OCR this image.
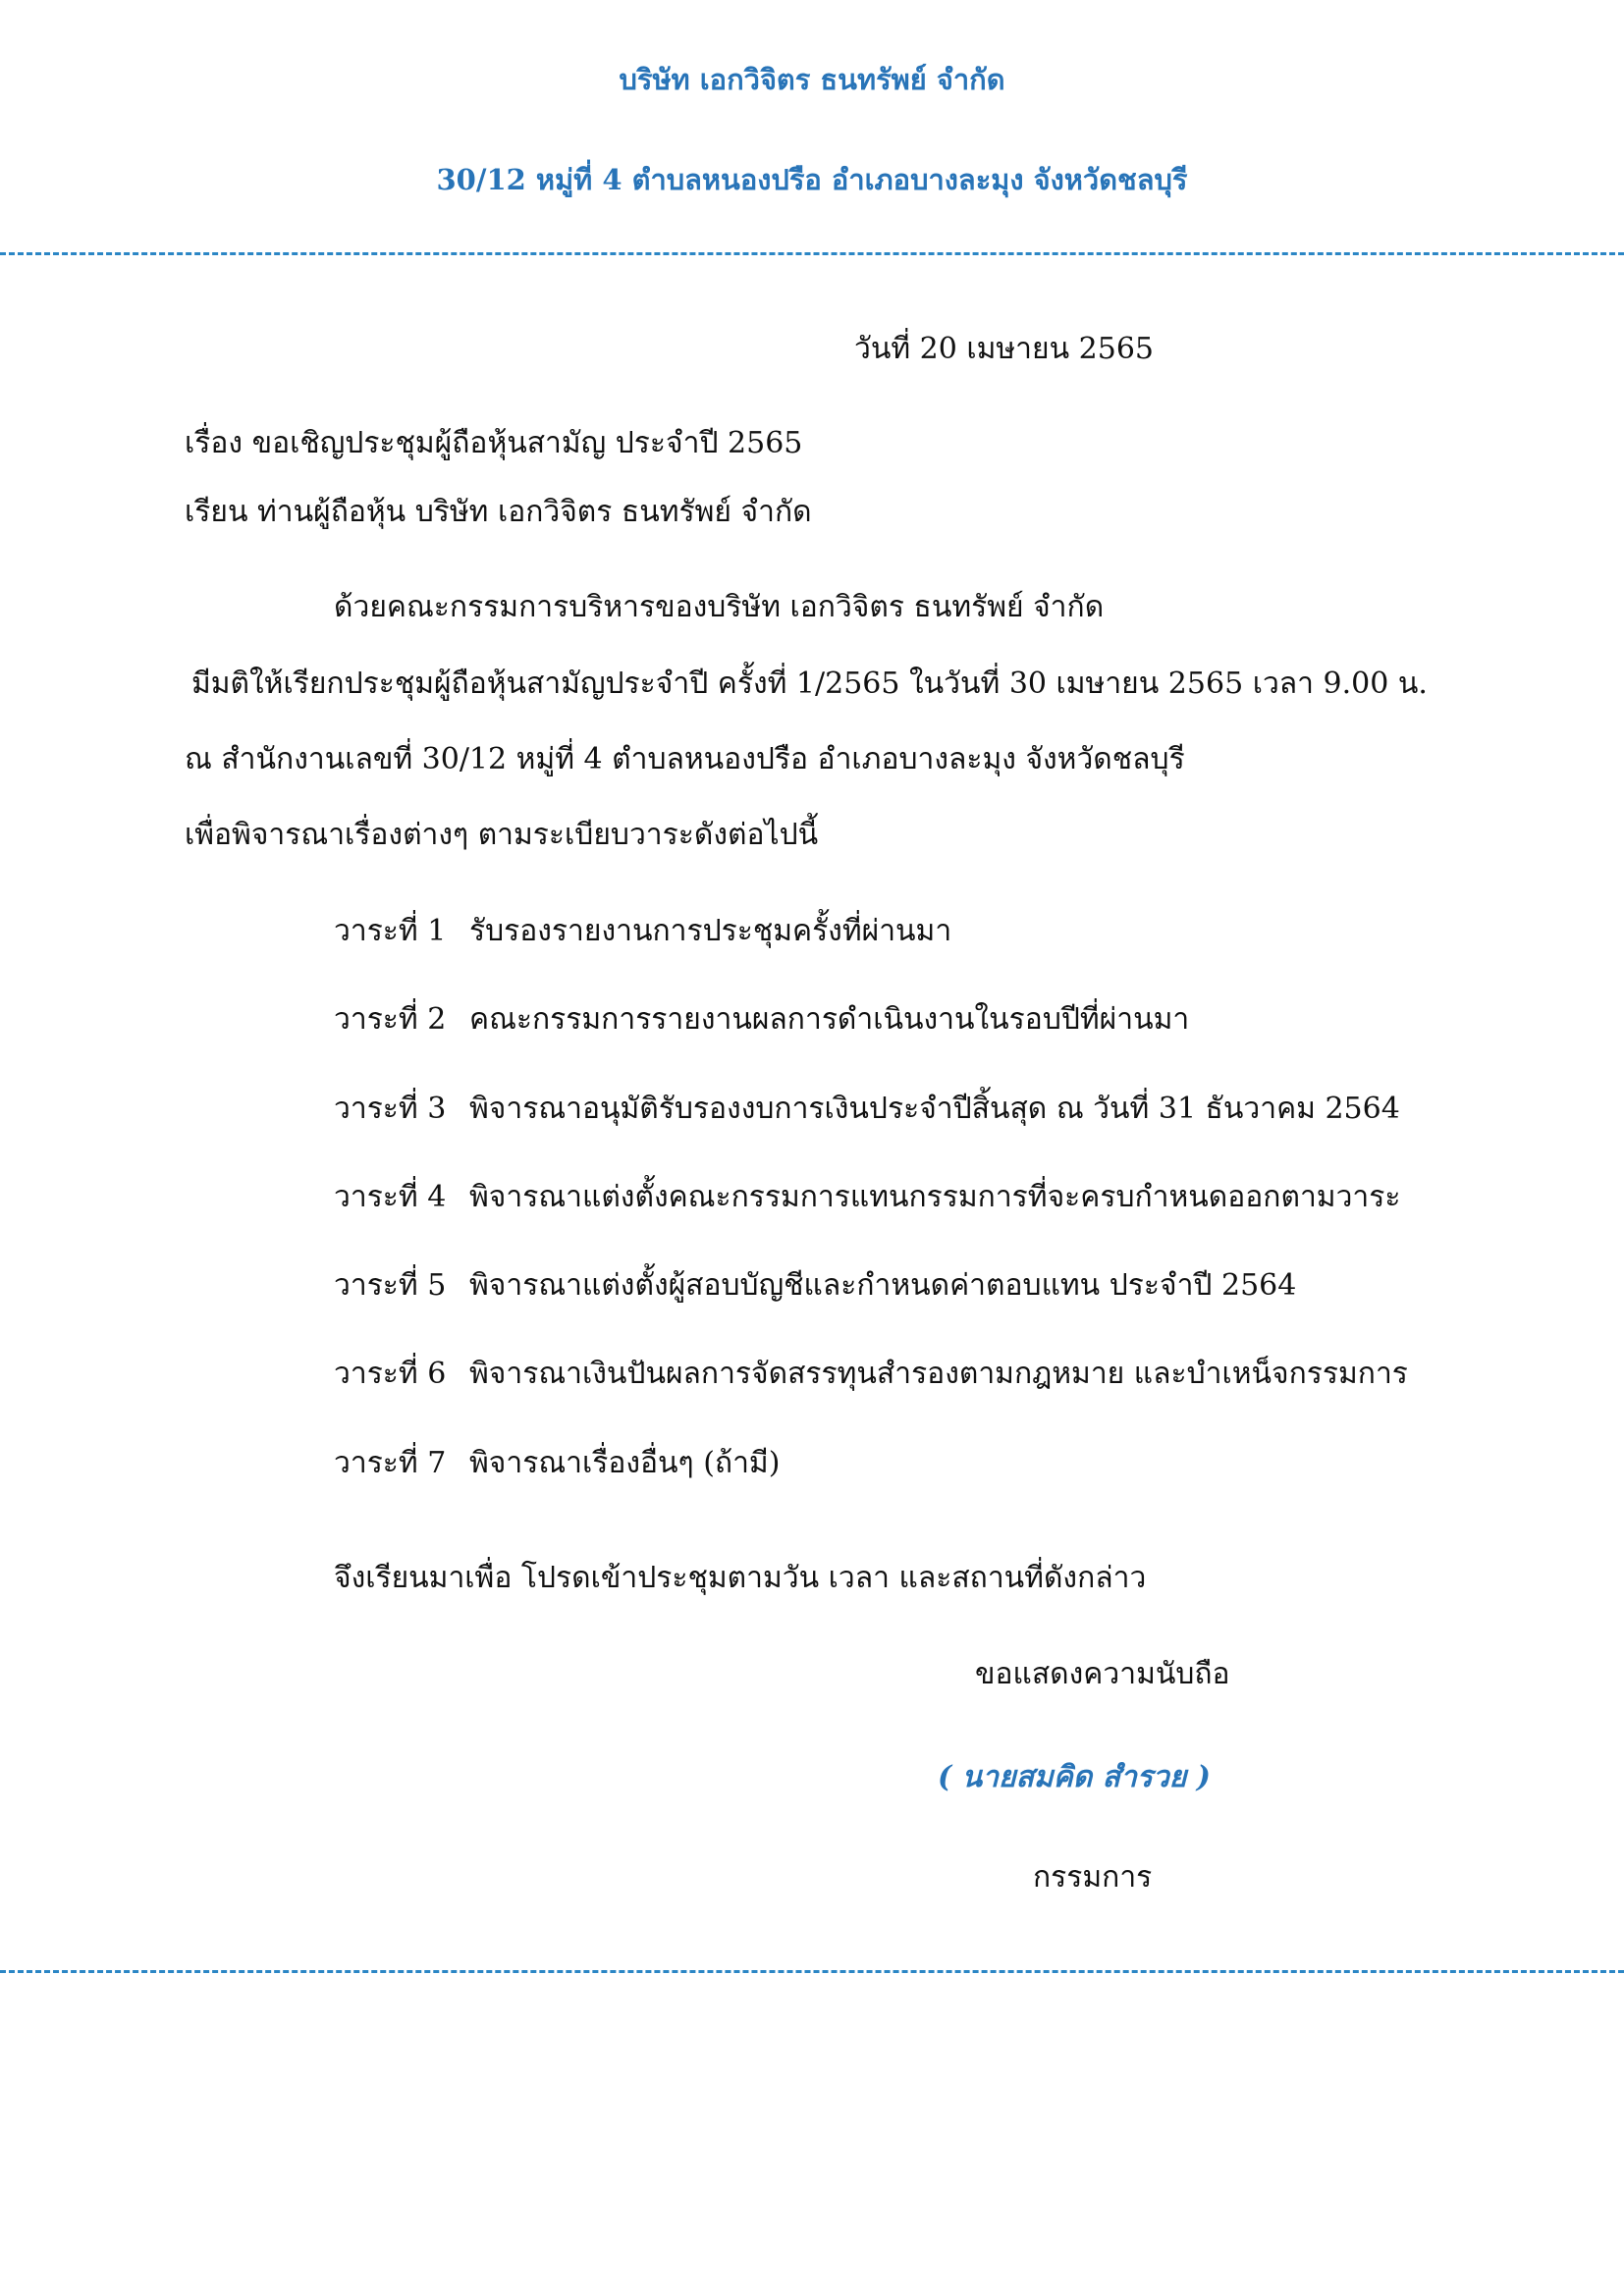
บริษัท เอกวิจิตร ธนทรัพย์ จำกัด
30/12 หมู่ที่ 4 ตำบลหนองปรือ อำเภอบางละมุง จังหวัดชลบุรี
วันที่ 20 เมษายน 2565
เรื่อง ขอเชิญประชุมผู้ถือหุ้นสามัญ ประจำปี 2565
เรียน ท่านผู้ถือหุ้น บริษัท เอกวิจิตร ธนทรัพย์ จำกัด
ด้วยคณะกรรมการบริหารของบริษัท เอกวิจิตร ธนทรัพย์ จำกัด
มีมติให้เรียกประชุมผู้ถือหุ้นสามัญประจำปี ครั้งที่ 1/2565 ในวันที่ 30 เมษายน 2565 เวลา 9.00 น.
ณ สำนักงานเลขที่ 30/12 หมู่ที่ 4 ตำบลหนองปรือ อำเภอบางละมุง จังหวัดชลบุรี
เพื่อพิจารณาเรื่องต่างๆ ตามระเบียบวาระดังต่อไปนี้
วาระที่ 1 รับรองรายงานการประชุมครั้งที่ผ่านมา
วาระที่ 2 คณะกรรมการรายงานผลการดำเนินงานในรอบปีที่ผ่านมา
วาระที่ 3 พิจารณาอนุมัติรับรองงบการเงินประจำปีสิ้นสุด ณ วันที่ 31 ธันวาคม 2564
วาระที่ 4 พิจารณาแต่งตั้งคณะกรรมการแทนกรรมการที่จะครบกำหนดออกตามวาระ
วาระที่ 5 พิจารณาแต่งตั้งผู้สอบบัญชีและกำหนดค่าตอบแทน ประจำปี 2564
วาระที่ 6 พิจารณาเงินปันผลการจัดสรรทุนสำรองตามกฎหมาย และบำเหน็จกรรมการ
วาระที่ 7 พิจารณาเรื่องอื่นๆ (ถ้ามี)
จึงเรียนมาเพื่อ โปรดเข้าประชุมตามวัน เวลา และสถานที่ดังกล่าว
ขอแสดงความนับถือ
( นายสมคิด สำรวย )
กรรมการ
